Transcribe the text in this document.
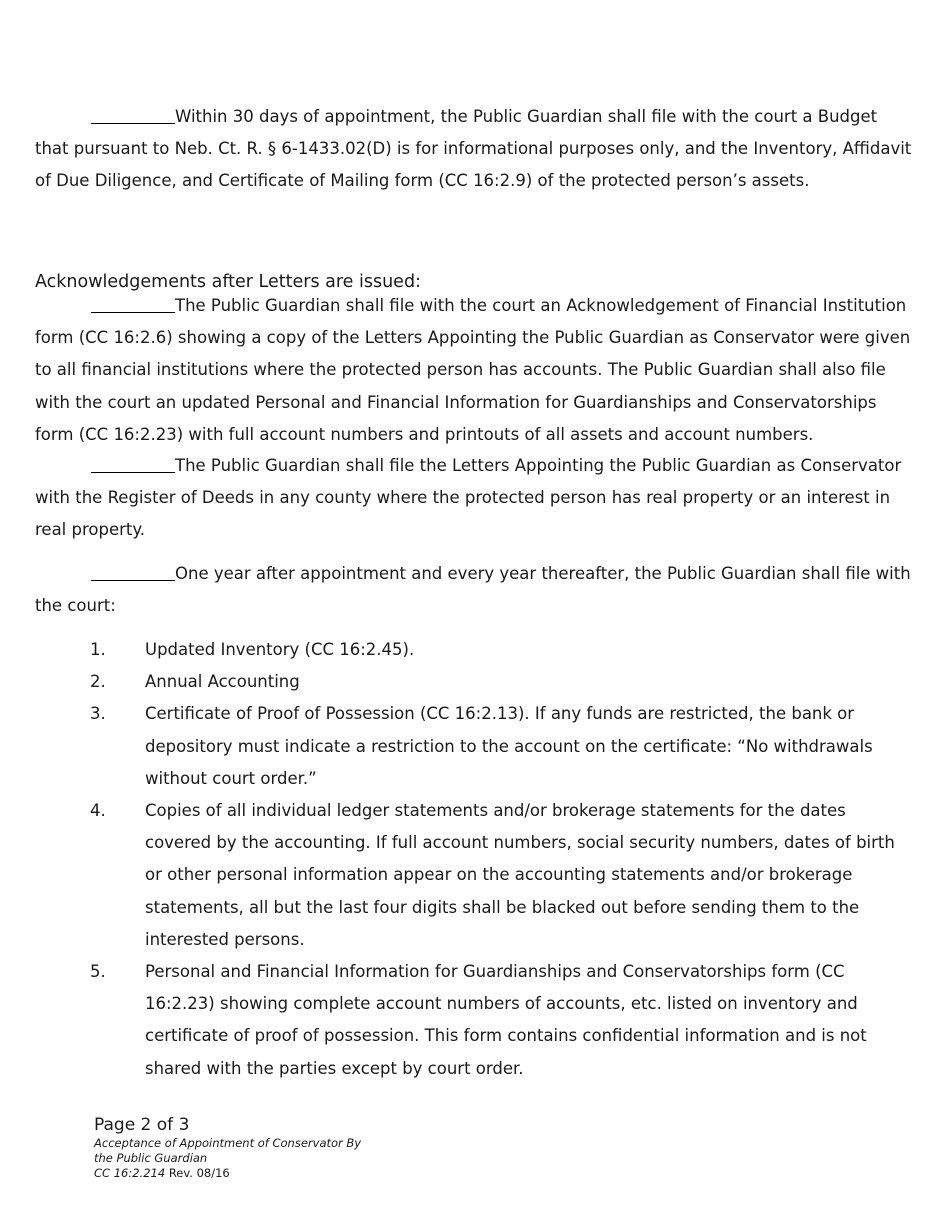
Within 30 days of appointment, the Public Guardian shall file with the court a Budget that pursuant to Neb. Ct. R. § 6-1433.02(D) is for informational purposes only, and the Inventory, Affidavit of Due Diligence, and Certificate of Mailing form (CC 16:2.9) of the protected person’s assets.

Acknowledgements after Letters are issued:

The Public Guardian shall file with the court an Acknowledgement of Financial Institution form (CC 16:2.6) showing a copy of the Letters Appointing the Public Guardian as Conservator were given to all financial institutions where the protected person has accounts. The Public Guardian shall also file with the court an updated Personal and Financial Information for Guardianships and Conservatorships form (CC 16:2.23) with full account numbers and printouts of all assets and account numbers.

The Public Guardian shall file the Letters Appointing the Public Guardian as Conservator with the Register of Deeds in any county where the protected person has real property or an interest in real property.

One year after appointment and every year thereafter, the Public Guardian shall file with the court:

1. Updated Inventory (CC 16:2.45).
2. Annual Accounting
3. Certificate of Proof of Possession (CC 16:2.13). If any funds are restricted, the bank or depository must indicate a restriction to the account on the certificate: “No withdrawals without court order.”
4. Copies of all individual ledger statements and/or brokerage statements for the dates covered by the accounting. If full account numbers, social security numbers, dates of birth or other personal information appear on the accounting statements and/or brokerage statements, all but the last four digits shall be blacked out before sending them to the interested persons.
5. Personal and Financial Information for Guardianships and Conservatorships form (CC 16:2.23) showing complete account numbers of accounts, etc. listed on inventory and certificate of proof of possession. This form contains confidential information and is not shared with the parties except by court order.
Page 2 of 3
Acceptance of Appointment of Conservator By
the Public Guardian
CC 16:2.214 Rev. 08/16
